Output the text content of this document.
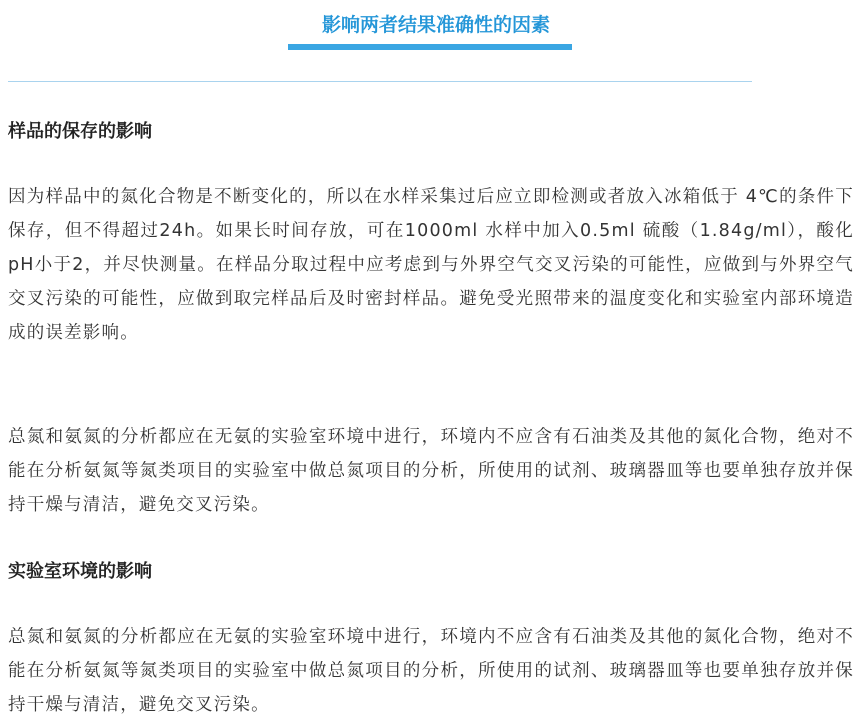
影响两者结果准确性的因素
样品的保存的影响
因为样品中的氮化合物是不断变化的，所以在水样采集过后应立即检测或者放入冰箱低于 4℃的条件下保存，但不得超过24h。如果长时间存放，可在1000ml 水样中加入0.5ml 硫酸（1.84g/ml），酸化pH小于2，并尽快测量。在样品分取过程中应考虑到与外界空气交叉污染的可能性，应做到与外界空气交叉污染的可能性，应做到取完样品后及时密封样品。避免受光照带来的温度变化和实验室内部环境造成的误差影响。
总氮和氨氮的分析都应在无氨的实验室环境中进行，环境内不应含有石油类及其他的氮化合物，绝对不能在分析氨氮等氮类项目的实验室中做总氮项目的分析，所使用的试剂、玻璃器皿等也要单独存放并保持干燥与清洁，避免交叉污染。
实验室环境的影响
总氮和氨氮的分析都应在无氨的实验室环境中进行，环境内不应含有石油类及其他的氮化合物，绝对不能在分析氨氮等氮类项目的实验室中做总氮项目的分析，所使用的试剂、玻璃器皿等也要单独存放并保持干燥与清洁，避免交叉污染。
